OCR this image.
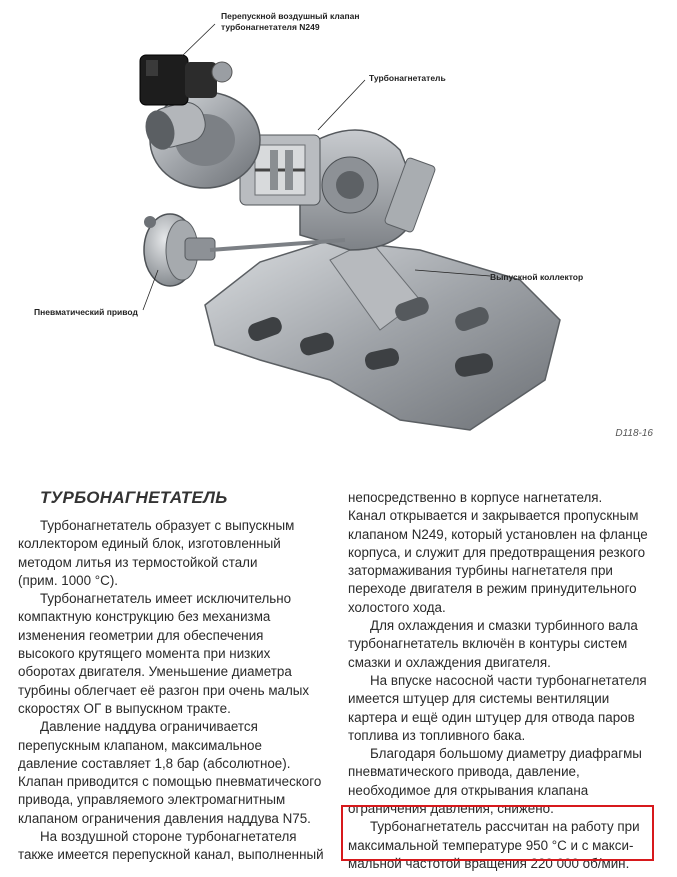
Перепускной воздушный клапан
турбонагнетателя N249
Турбонагнетатель
Выпускной коллектор
Пневматический привод
D118-16
ТУРБОНАГНЕТАТЕЛЬ

Турбонагнетатель образует с выпускным

коллектором единый блок, изготовленный

методом литья из термостойкой стали

(прим. 1000 °C).

Турбонагнетатель имеет исключительно

компактную конструкцию без механизма

изменения геометрии для обеспечения

высокого крутящего момента при низких

оборотах двигателя. Уменьшение диаметра

турбины облегчает её разгон при очень малых

скоростях ОГ в выпускном тракте.

Давление наддува ограничивается

перепускным клапаном, максимальное

давление составляет 1,8 бар (абсолютное).

Клапан приводится с помощью пневматического

привода, управляемого электромагнитным

клапаном ограничения давления наддува N75.

На воздушной стороне турбонагнетателя

также имеется перепускной канал, выполненный

непосредственно в корпусе нагнетателя.

Канал открывается и закрывается пропускным

клапаном N249, который установлен на фланце

корпуса, и служит для предотвращения резкого

затормаживания турбины нагнетателя при

переходе двигателя в режим принудительного

холостого хода.

Для охлаждения и смазки турбинного вала

турбонагнетатель включён в контуры систем

смазки и охлаждения двигателя.

На впуске насосной части турбонагнетателя

имеется штуцер для системы вентиляции

картера и ещё один штуцер для отвода паров

топлива из топливного бака.

Благодаря большому диаметру диафрагмы

пневматического привода, давление,

необходимое для открывания клапана

ограничения давления, снижено.

Турбонагнетатель рассчитан на работу при

максимальной температуре 950 °C и с макси-

мальной частотой вращения 220 000 об/мин.
